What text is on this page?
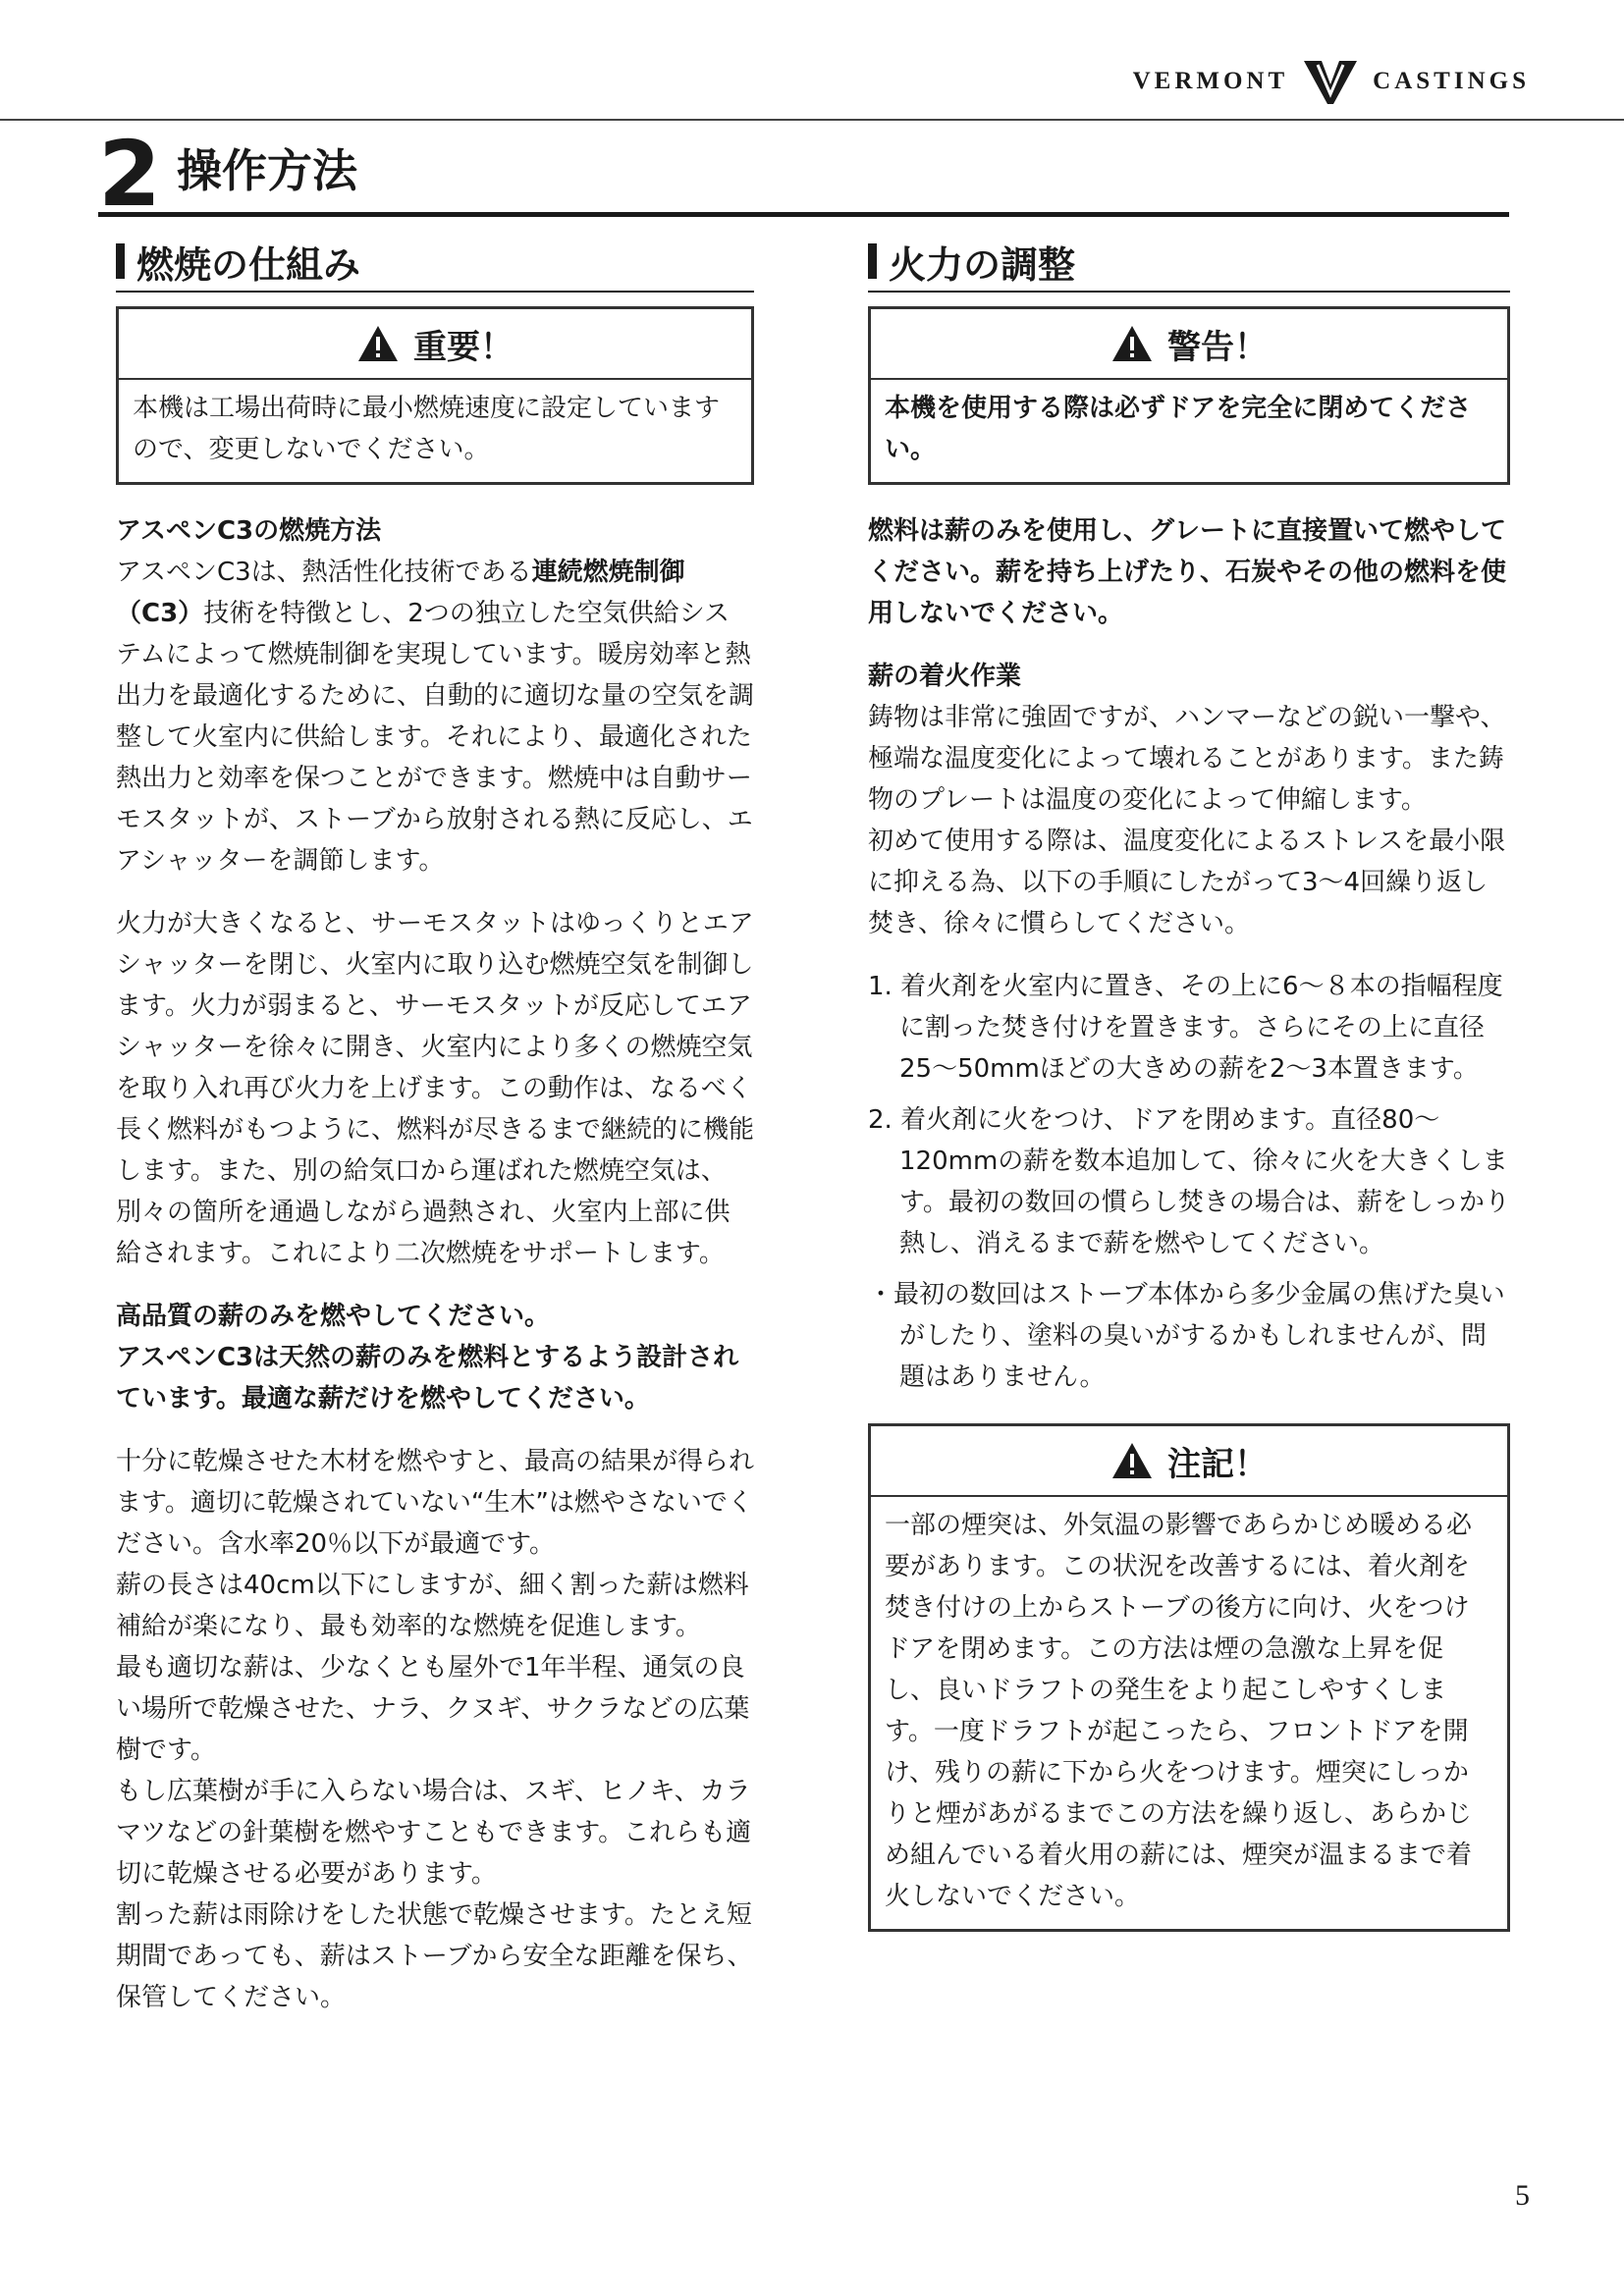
VERMONT	CASTINGS
2 操作方法
燃焼の仕組み
重要！
本機は工場出荷時に最小燃焼速度に設定していますので、変更しないでください。

アスペンC3の燃焼方法

アスペンC3は、熱活性化技術である連続燃焼制御（C3）技術を特徴とし、2つの独立した空気供給システムによって燃焼制御を実現しています。暖房効率と熱出力を最適化するために、自動的に適切な量の空気を調整して火室内に供給します。それにより、最適化された熱出力と効率を保つことができます。燃焼中は自動サーモスタットが、ストーブから放射される熱に反応し、エアシャッターを調節します。

火力が大きくなると、サーモスタットはゆっくりとエアシャッターを閉じ、火室内に取り込む燃焼空気を制御します。火力が弱まると、サーモスタットが反応してエアシャッターを徐々に開き、火室内により多くの燃焼空気を取り入れ再び火力を上げます。この動作は、なるべく長く燃料がもつように、燃料が尽きるまで継続的に機能します。また、別の給気口から運ばれた燃焼空気は、別々の箇所を通過しながら過熱され、火室内上部に供給されます。これにより二次燃焼をサポートします。

高品質の薪のみを燃やしてください。

アスペンC3は天然の薪のみを燃料とするよう設計されています。最適な薪だけを燃やしてください。

十分に乾燥させた木材を燃やすと、最高の結果が得られます。適切に乾燥されていない“生木”は燃やさないでください。含水率20％以下が最適です。

薪の長さは40cm以下にしますが、細く割った薪は燃料補給が楽になり、最も効率的な燃焼を促進します。

最も適切な薪は、少なくとも屋外で1年半程、通気の良い場所で乾燥させた、ナラ、クヌギ、サクラなどの広葉樹です。

もし広葉樹が手に入らない場合は、スギ、ヒノキ、カラマツなどの針葉樹を燃やすこともできます。これらも適切に乾燥させる必要があります。

割った薪は雨除けをした状態で乾燥させます。たとえ短期間であっても、薪はストーブから安全な距離を保ち、保管してください。

火力の調整
警告！
本機を使用する際は必ずドアを完全に閉めてください。

燃料は薪のみを使用し、グレートに直接置いて燃やしてください。薪を持ち上げたり、石炭やその他の燃料を使用しないでください。

薪の着火作業

鋳物は非常に強固ですが、ハンマーなどの鋭い一撃や、極端な温度変化によって壊れることがあります。また鋳物のプレートは温度の変化によって伸縮します。

初めて使用する際は、温度変化によるストレスを最小限に抑える為、以下の手順にしたがって3〜4回繰り返し焚き、徐々に慣らしてください。

1. 着火剤を火室内に置き、その上に6〜８本の指幅程度に割った焚き付けを置きます。さらにその上に直径25〜50mmほどの大きめの薪を2〜3本置きます。
2. 着火剤に火をつけ、ドアを閉めます。直径80〜120mmの薪を数本追加して、徐々に火を大きくします。最初の数回の慣らし焚きの場合は、薪をしっかり熱し、消えるまで薪を燃やしてください。
・最初の数回はストーブ本体から多少金属の焦げた臭いがしたり、塗料の臭いがするかもしれませんが、問題はありません。
注記！
一部の煙突は、外気温の影響であらかじめ暖める必要があります。この状況を改善するには、着火剤を焚き付けの上からストーブの後方に向け、火をつけドアを閉めます。この方法は煙の急激な上昇を促し、良いドラフトの発生をより起こしやすくします。一度ドラフトが起こったら、フロントドアを開け、残りの薪に下から火をつけます。煙突にしっかりと煙があがるまでこの方法を繰り返し、あらかじめ組んでいる着火用の薪には、煙突が温まるまで着火しないでください。
5
